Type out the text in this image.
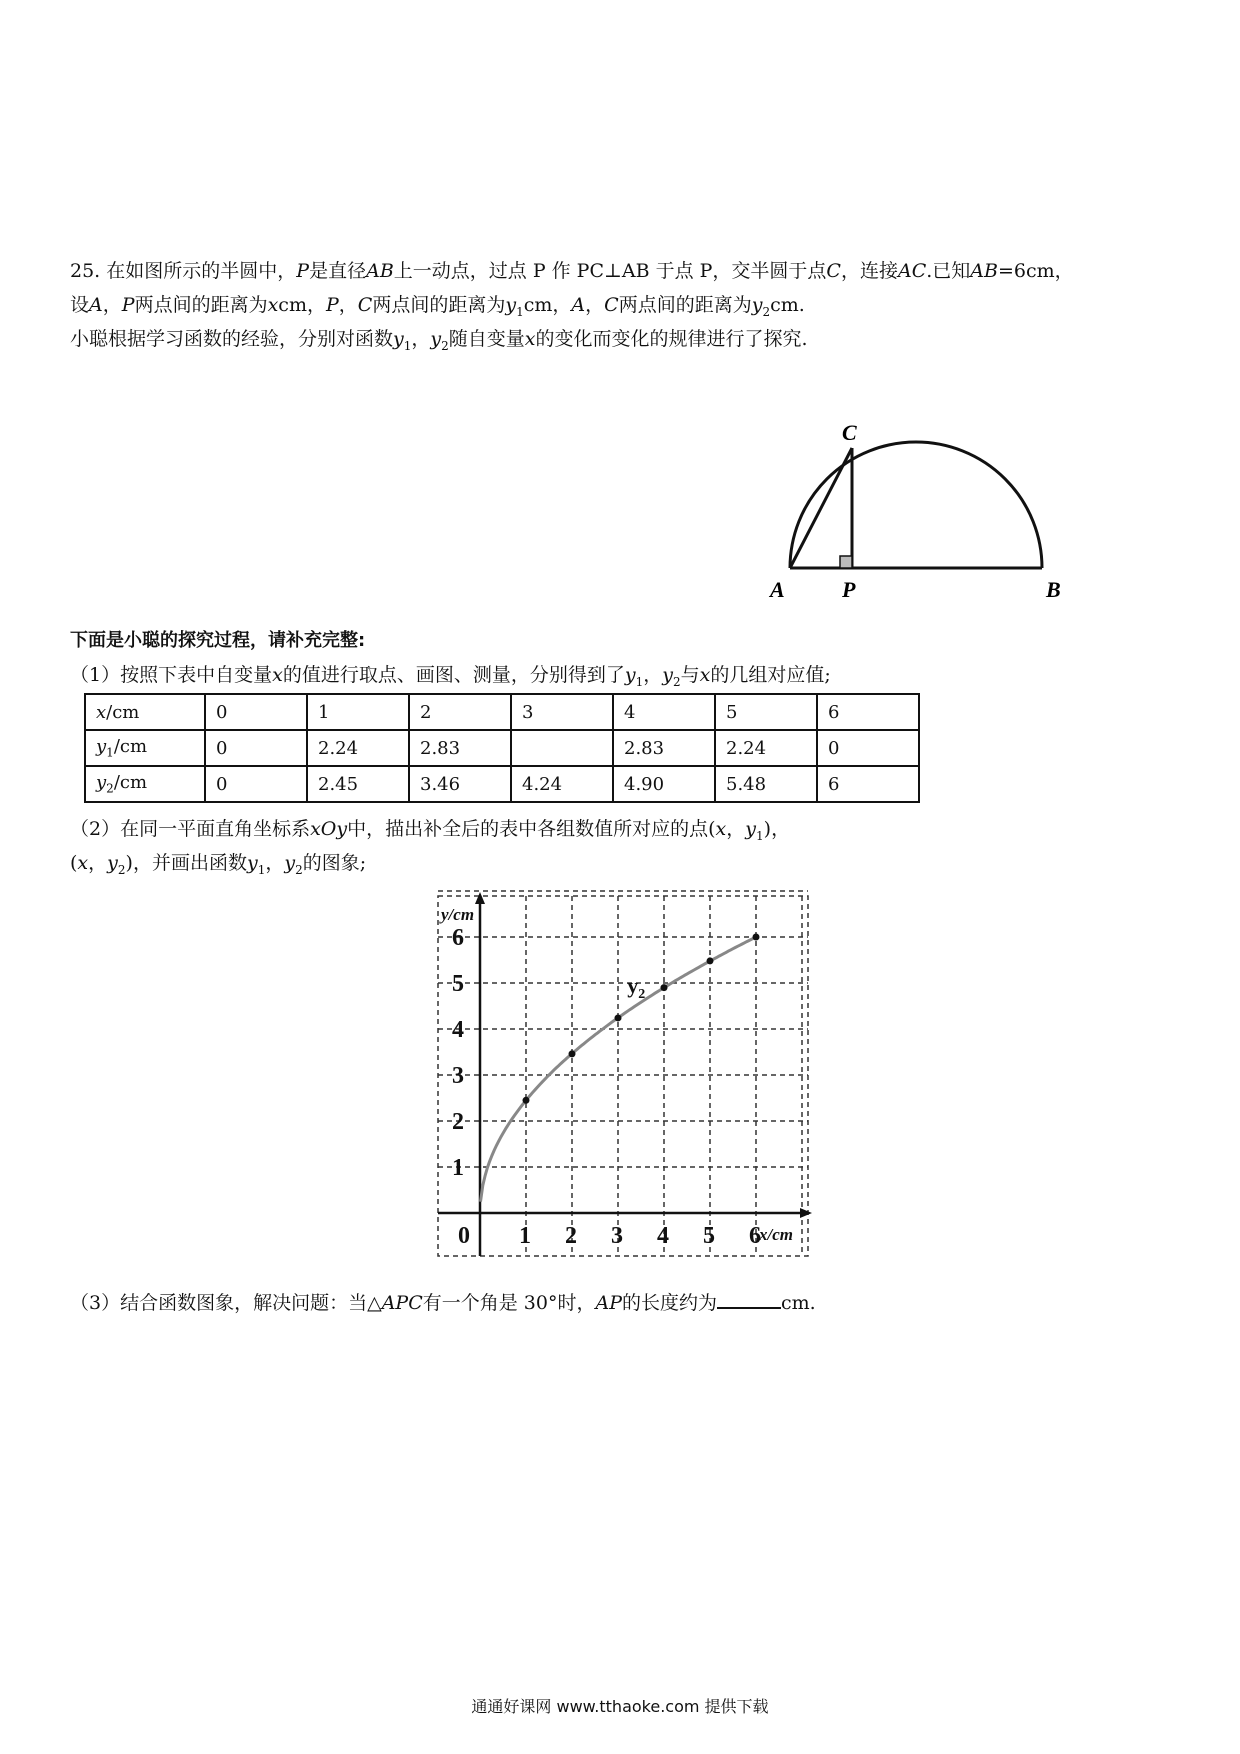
25. 在如图所示的半圆中，P是直径AB上一动点，过点 P 作 PC⊥AB 于点 P，交半圆于点C，连接AC.已知AB=6cm，
设A，P两点间的距离为xcm，P，C两点间的距离为$y_1cm$，A，C两点间的距离为$y_2cm$.
小聪根据学习函数的经验，分别对函数$y_1$，$y_2$随自变量x的变化而变化的规律进行了探究.
C
A	P	B
下面是小聪的探究过程，请补充完整:
（1）按照下表中自变量x的值进行取点、画图、测量，分别得到了$y_1$，$y_2$与x的几组对应值;
x/cm	0	1	2	3	4	5	6
$y_1/cm$	0	2.24	2.83		2.83	2.24	0
$y_2/cm$	0	2.45	3.46	4.24	4.90	5.48	6
（2）在同一平面直角坐标系xOy中，描出补全后的表中各组数值所对应的点(x，$y_1$)，
(x，$y_2$)，并画出函数$y_1$，$y_2$的图象;
0 1 2 3 4 5 6
1
2
3
4
5
6
y/cm
x/cm
$y_2$
（3）结合函数图象，解决问题：当△APC有一个角是 30°时，AP的长度约为	cm.
通通好课网 www.tthaoke.com 提供下载
